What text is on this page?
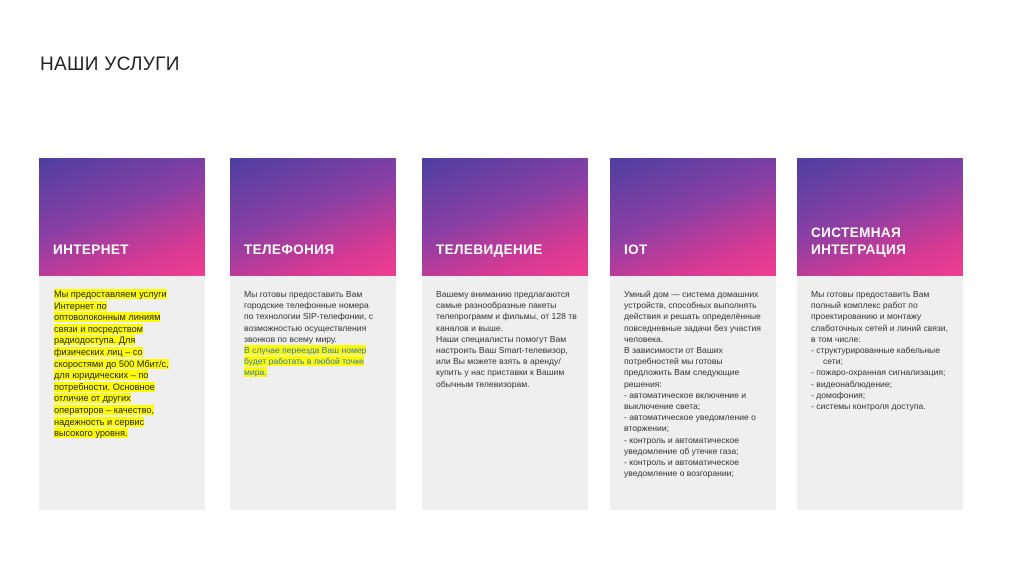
НАШИ УСЛУГИ
ИНТЕРНЕТ

Мы предоставляем услуги Интернет по оптоволоконным линиям связи и посредством радиодоступа. Для физических лиц – со скоростями до 500 Мбит/с, для юридических – по потребности. Основное отличие от других операторов – качество, надежность и сервис высокого уровня.

ТЕЛЕФОНИЯ

Мы готовы предоставить Вам городские телефонные номера по технологии SIP-телефонии, с возможностью осуществления звонков по всему миру.

В случае переезда Ваш номер будет работать в любой точке мира.

ТЕЛЕВИДЕНИЕ

Вашему вниманию предлагаются самые разнообразные пакеты телепрограмм и фильмы, от 128 тв каналов и выше.

Наши специалисты помогут Вам настроить Ваш Smart-телевизор, или Вы можете взять в аренду/купить у нас приставки к Вашим обычным телевизорам.

IOT

Умный дом — система домашних устройств, способных выполнять действия и решать определённые повседневные задачи без участия человека.

В зависимости от Ваших потребностей мы готовы предложить Вам следующие решения:

- автоматическое включение и выключение света;

- автоматическое уведомление о вторжении;

- контроль и автоматическое уведомление об утечке газа;

- контроль и автоматическое уведомление о возгорании;

СИСТЕМНАЯ ИНТЕГРАЦИЯ

Мы готовы предоставить Вам полный комплекс работ по проектированию и монтажу слаботочных сетей и линий связи, в том числе:

- структурированные кабельные сети;
- пожаро-охранная сигнализация;
- видеонаблюдение;
- домофония;
- системы контроля доступа.
